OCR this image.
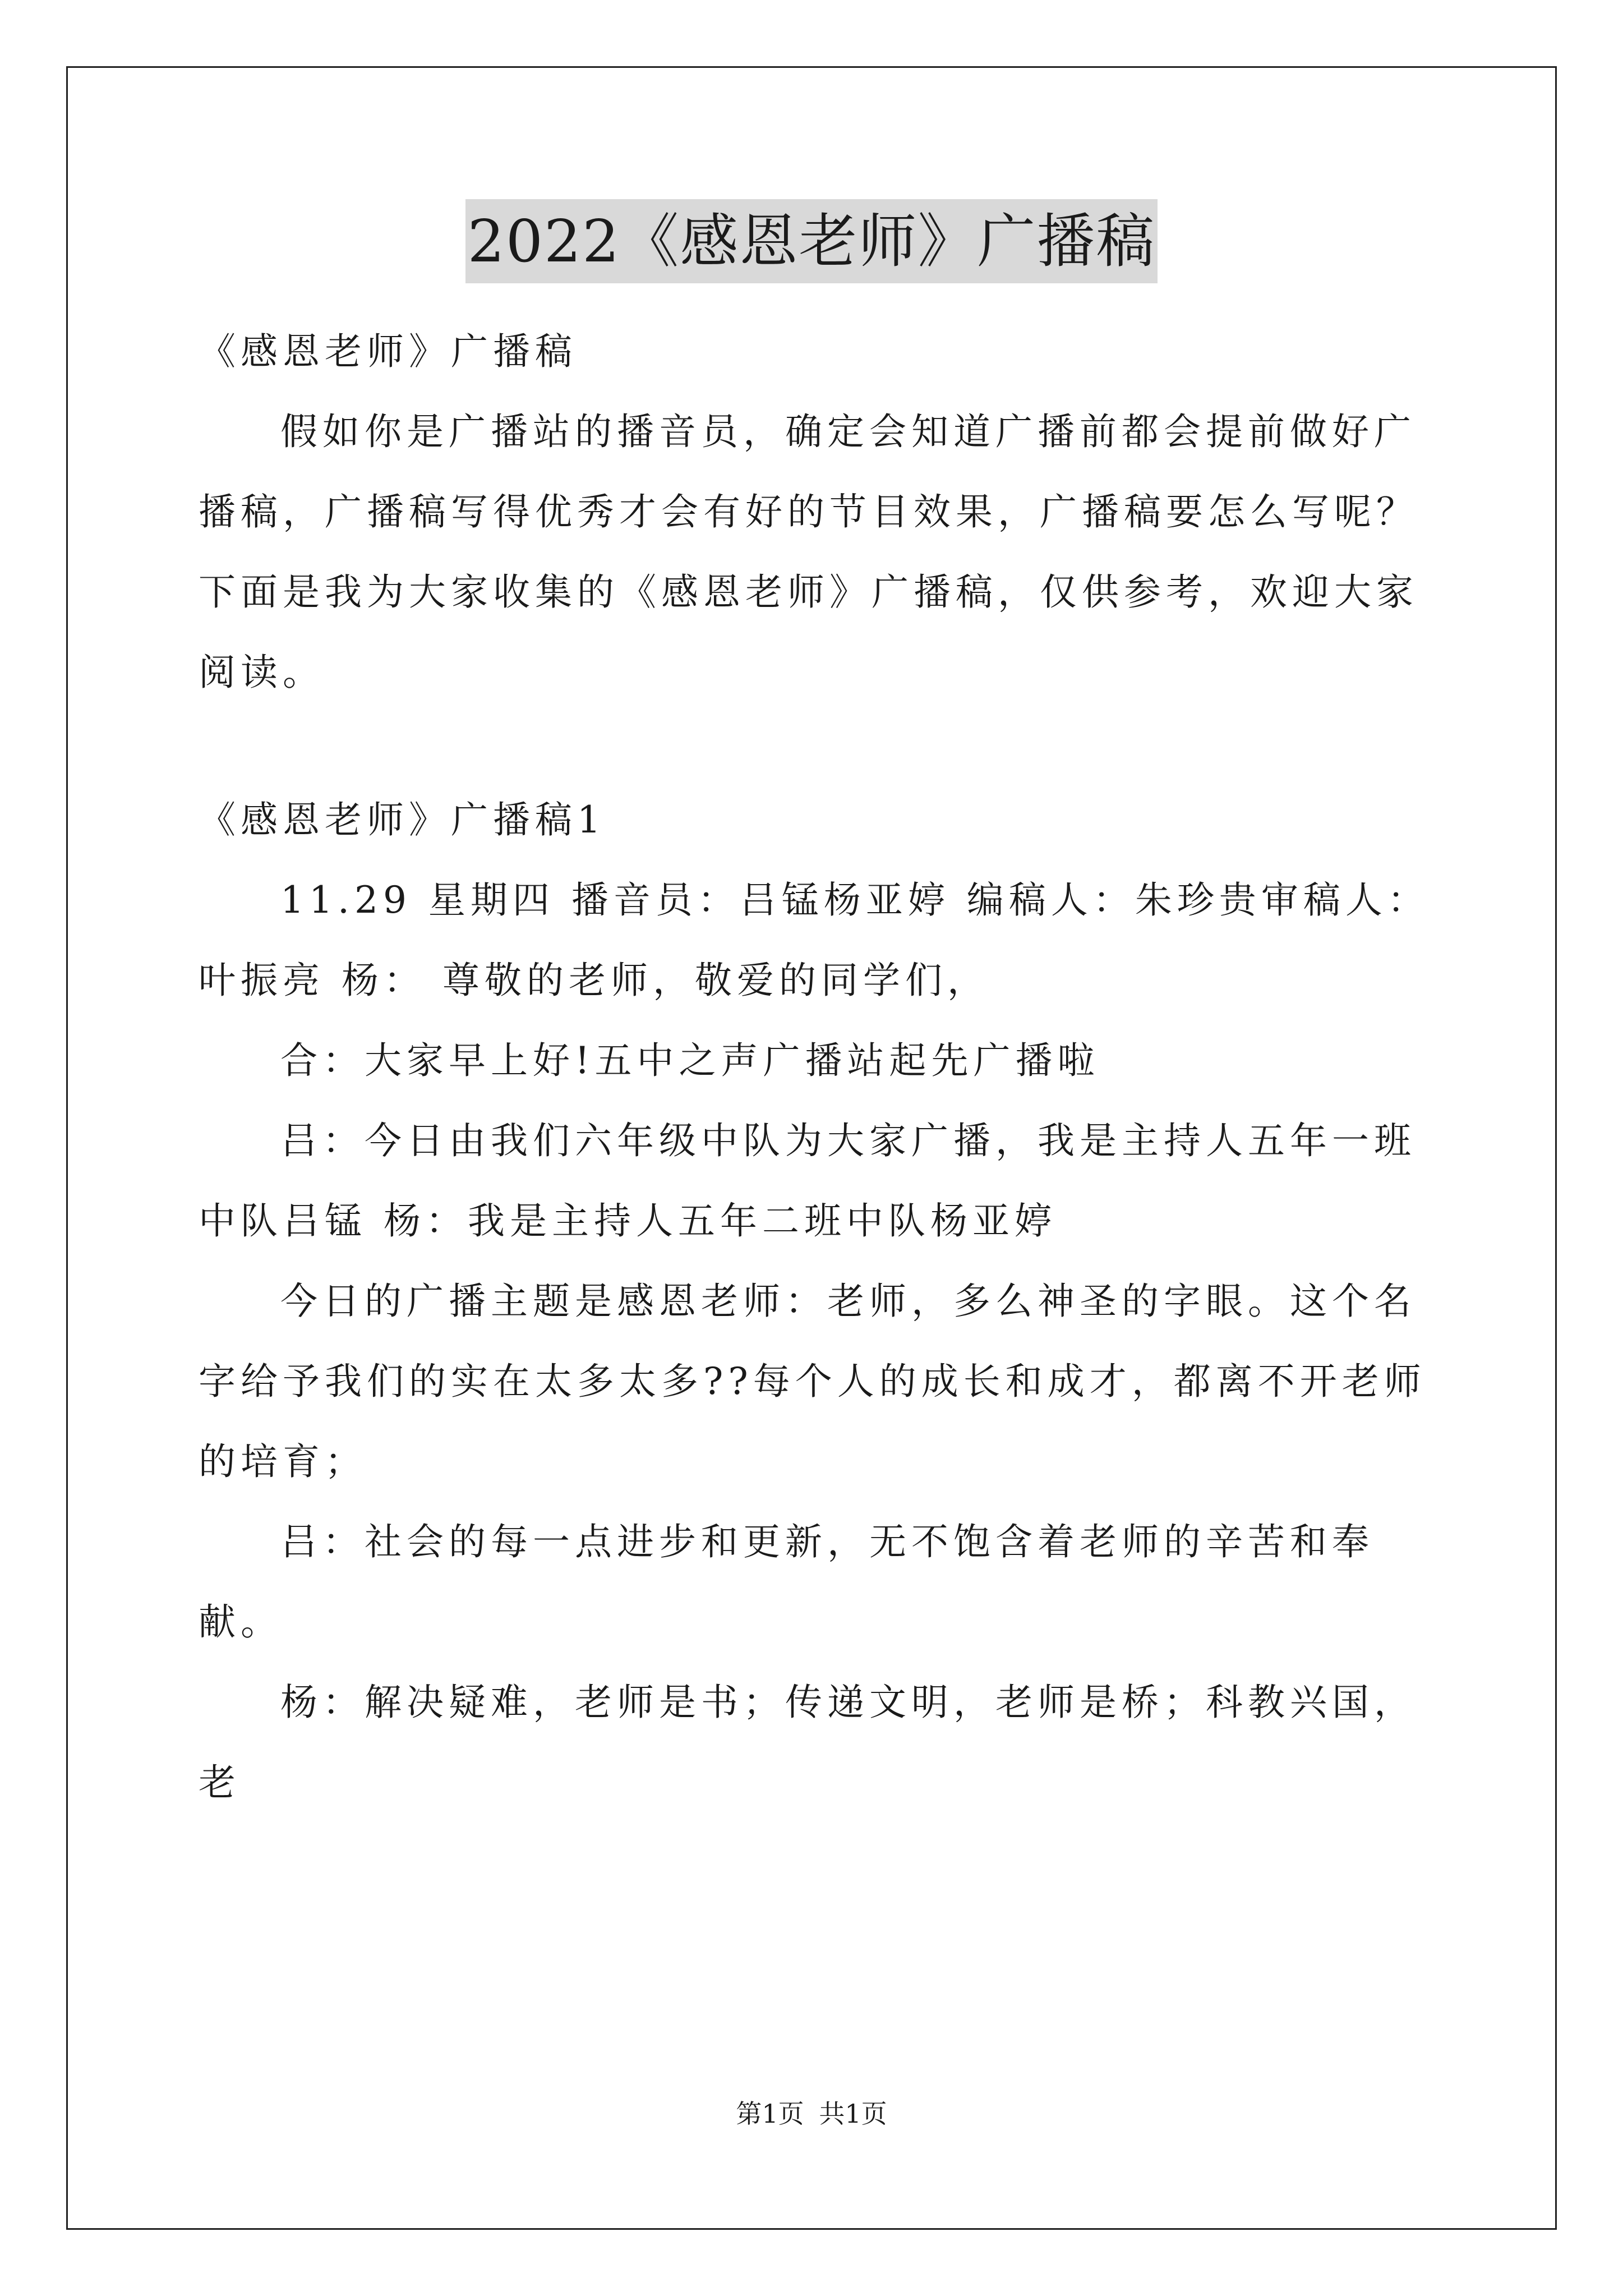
2022《感恩老师》广播稿

《感恩老师》广播稿

假如你是广播站的播音员，确定会知道广播前都会提前做好广播稿，广播稿写得优秀才会有好的节目效果，广播稿要怎么写呢？下面是我为大家收集的《感恩老师》广播稿，仅供参考，欢迎大家阅读。

《感恩老师》广播稿1

11.29 星期四 播音员：吕锰杨亚婷 编稿人：朱珍贵审稿人：叶振亮 杨： 尊敬的老师，敬爱的同学们，

合：大家早上好!五中之声广播站起先广播啦

吕：今日由我们六年级中队为大家广播，我是主持人五年一班中队吕锰 杨：我是主持人五年二班中队杨亚婷

今日的广播主题是感恩老师：老师，多么神圣的字眼。这个名字给予我们的实在太多太多??每个人的成长和成才，都离不开老师的培育；

吕：社会的每一点进步和更新，无不饱含着老师的辛苦和奉献。

杨：解决疑难，老师是书；传递文明，老师是桥；科教兴国，老

第1页 共1页
